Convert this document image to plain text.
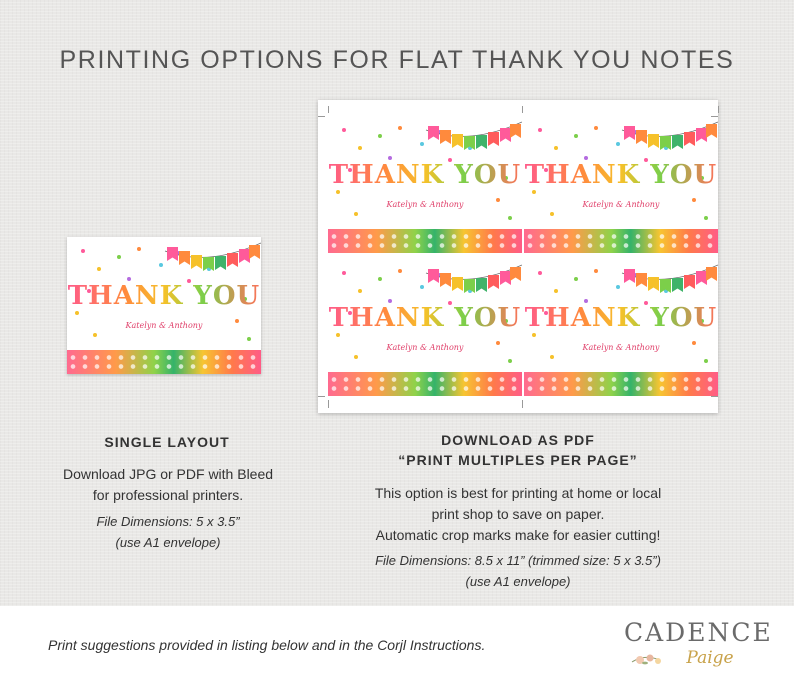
PRINTING OPTIONS FOR FLAT THANK YOU NOTES
THANK YOU
Katelyn & Anthony
THANK YOU
Katelyn & Anthony
THANK YOU
Katelyn & Anthony
THANK YOU
Katelyn & Anthony
THANK YOU
Katelyn & Anthony
SINGLE LAYOUT
Download JPG or PDF with Bleed
for professional printers.
File Dimensions: 5 x 3.5”
(use A1 envelope)
DOWNLOAD AS PDF
“PRINT MULTIPLES PER PAGE”
This option is best for printing at home or local
print shop to save on paper.
Automatic crop marks make for easier cutting!
File Dimensions: 8.5 x 11” (trimmed size: 5 x 3.5”)
(use A1 envelope)
Print suggestions provided in listing below and in the Corjl Instructions.	CADENCE
Paige
